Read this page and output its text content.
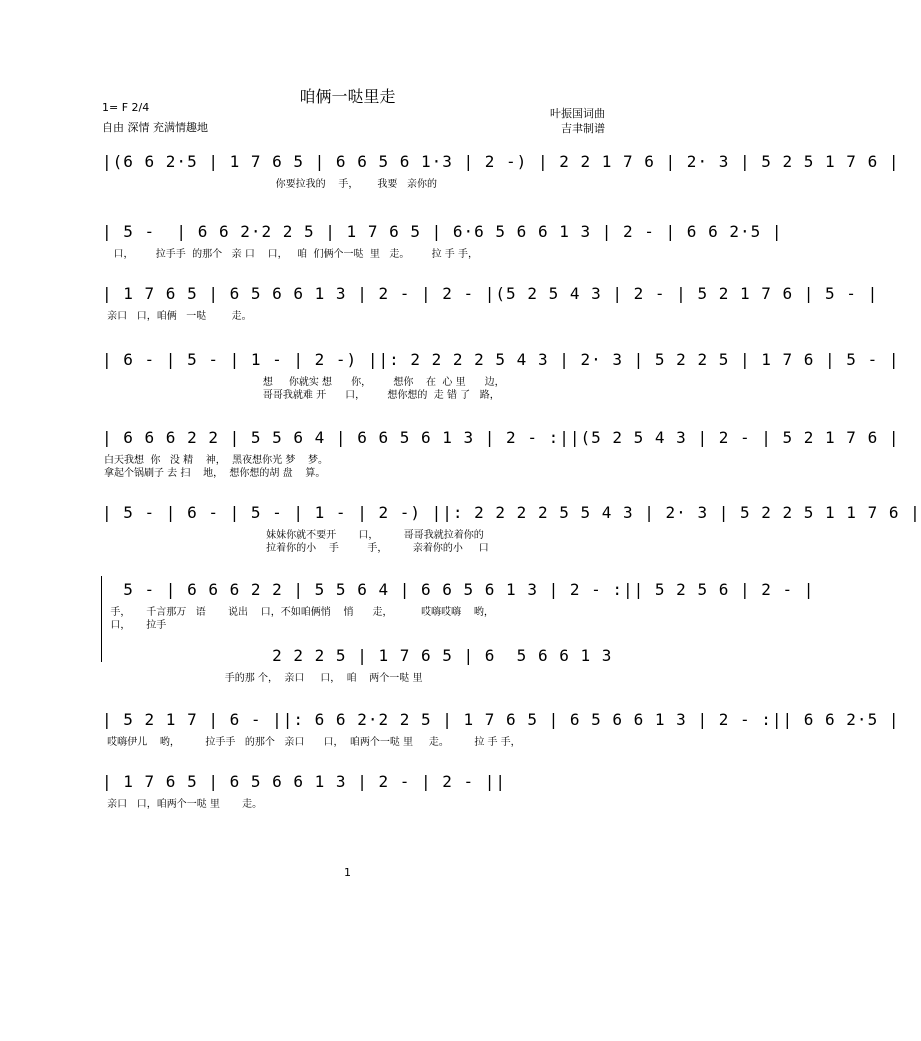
咱俩一哒里走
1= F 2/4
自由 深情 充满情趣地
叶振国词曲
吉聿制谱
|(6 6 2·5 | 1 7 6 5 | 6 6 5 6 1·3 | 2 -) | 2 2 1 7 6 | 2· 3 | 5 2 5 1 7 6 |
你要拉我的    手，      我要   亲你的
| 5 -  | 6 6 2·2 2 5 | 1 7 6 5 | 6·6 5 6 6 1 3 | 2 - | 6 6 2·5 |
口，       拉手手  的那个   亲 口    口，   咱  们俩个一哒  里   走。       拉 手 手，
| 1 7 6 5 | 6 5 6 6 1 3 | 2 - | 2 - |(5 2 5 4 3 | 2 - | 5 2 1 7 6 | 5 - |
亲口   口，咱俩   一哒        走。
| 6 - | 5 - | 1 - | 2 -) ||: 2 2 2 2 5 4 3 | 2· 3 | 5 2 2 5 | 1 7 6 | 5 - |
想     你就实 想      你，       想你    在  心 里      边，
哥哥我就难 开      口，       想你想的  走 错 了   路，
| 6 6 6 2 2 | 5 5 6 4 | 6 6 5 6 1 3 | 2 - :||(5 2 5 4 3 | 2 - | 5 2 1 7 6 |
白天我想  你   没 精    神，  黑夜想你光 梦    梦。
拿起个锅刷子 去 扫    地，  想你想的胡 盘    算。
| 5 - | 6 - | 5 - | 1 - | 2 -) ||: 2 2 2 2 5 5 4 3 | 2· 3 | 5 2 2 5 1 1 7 6 |
妹妹你就不要开       口，        哥哥我就拉着你的
拉着你的小    手         手，        亲着你的小     口
5 - | 6 6 6 2 2 | 5 5 6 4 | 6 6 5 6 1 3 | 2 - :|| 5 2 5 6 | 2 - |
手，     千言那万   语       说出    口，不如咱俩悄    悄      走，         哎嗨哎嗨    哟，
口，     拉手
2 2 2 5 | 1 7 6 5 | 6  5 6 6 1 3
手的那 个，  亲口     口，  咱    两个一哒 里
| 5 2 1 7 | 6 - ||: 6 6 2·2 2 5 | 1 7 6 5 | 6 5 6 6 1 3 | 2 - :|| 6 6 2·5 |
哎嗨伊儿    哟，        拉手手   的那个   亲口      口，  咱两个一哒 里     走。        拉 手 手，
| 1 7 6 5 | 6 5 6 6 1 3 | 2 - | 2 - ||
亲口   口，咱两个一哒 里       走。
1
